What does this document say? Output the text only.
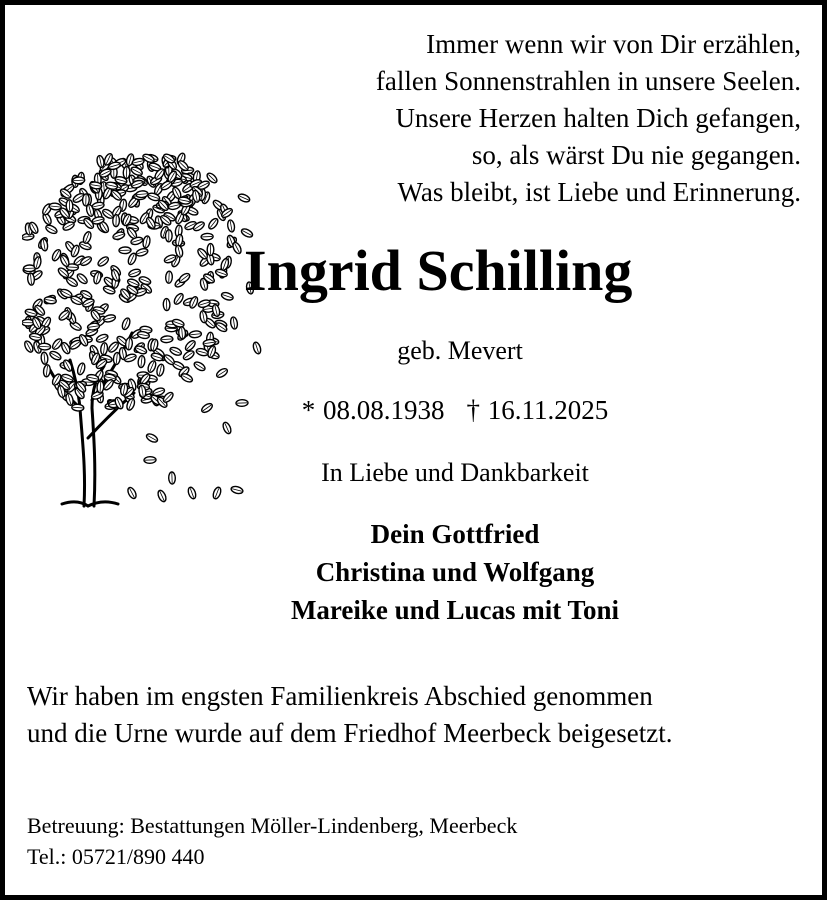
Immer wenn wir von Dir erzählen,
fallen Sonnenstrahlen in unsere Seelen.
Unsere Herzen halten Dich gefangen,
so, als wärst Du nie gegangen.
Was bleibt, ist Liebe und Erinnerung.
Ingrid Schilling
geb. Mevert
* 08.08.1938 † 16.11.2025
In Liebe und Dankbarkeit
Dein Gottfried
Christina und Wolfgang
Mareike und Lucas mit Toni
Wir haben im engsten Familienkreis Abschied genommen
und die Urne wurde auf dem Friedhof Meerbeck beigesetzt.
Betreuung: Bestattungen Möller-Lindenberg, Meerbeck
Tel.: 05721/890 440
